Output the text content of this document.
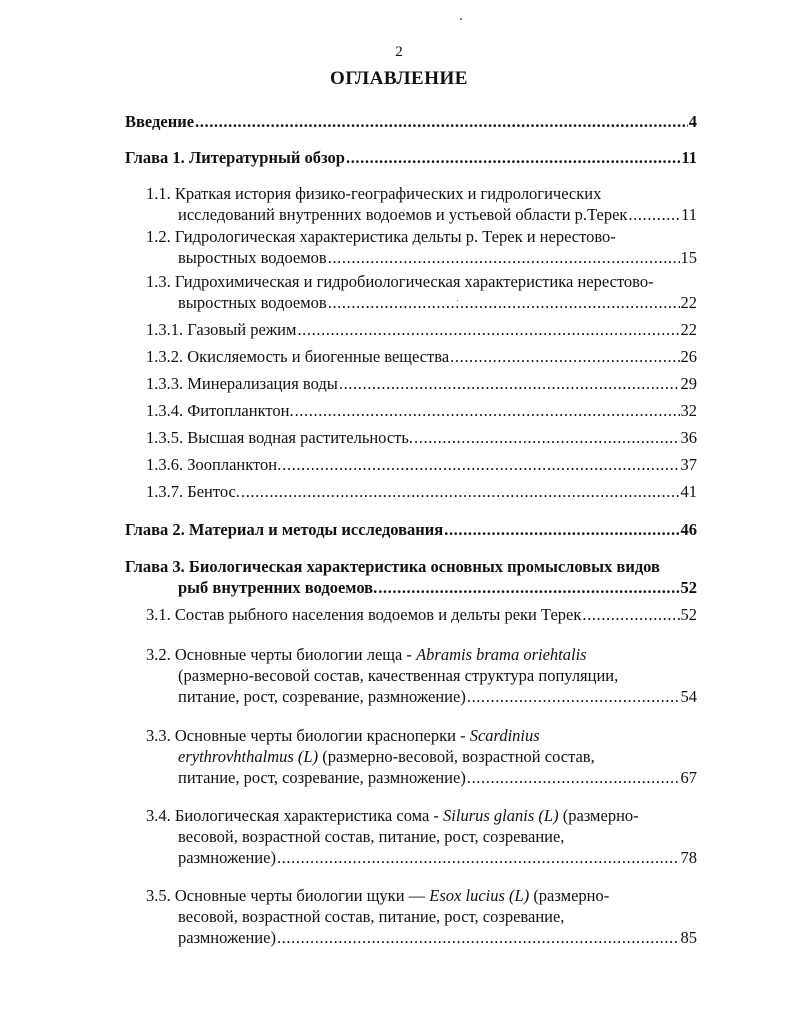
2
ОГЛАВЛЕНИЕ
Введение .....	4
Глава 1. Литературный обзор .....	11
1.1. Краткая история физико-географических и гидрологических
исследований внутренних водоемов и устьевой области р.Терек .....	11
1.2. Гидрологическая характеристика дельты р. Терек и нерестово-
выростных водоемов .....	15
1.3. Гидрохимическая и гидробиологическая характеристика нерестово-
выростных водоемов .....	22
1.3.1. Газовый режим .....	22
1.3.2. Окисляемость и биогенные вещества .....	26
1.3.3. Минерализация воды .....	29
1.3.4. Фитопланктон. .....	32
1.3.5. Высшая водная растительность. .....	36
1.3.6. Зоопланктон. .....	37
1.3.7. Бентос. .....	41
Глава 2. Материал и методы исследования .....	46
Глава 3. Биологическая характеристика основных промысловых видов
рыб внутренних водоемов. .....	52
3.1. Состав рыбного населения водоемов и дельты реки Терек .....	52
3.2. Основные черты биологии леща - Abramis brama oriehtalis
(размерно-весовой состав, качественная структура популяции,
питание, рост, созревание, размножение) .....	54
3.3. Основные черты биологии красноперки - Scardinius
erythrovhthalmus (L) (размерно-весовой, возрастной состав,
питание, рост, созревание, размножение) .....	67
3.4. Биологическая характеристика сома - Silurus glanis (L) (размерно-
весовой, возрастной состав, питание, рост, созревание,
размножение) .....	78
3.5. Основные черты биологии щуки — Esox lucius (L) (размерно-
весовой, возрастной состав, питание, рост, созревание,
размножение) .....	85
